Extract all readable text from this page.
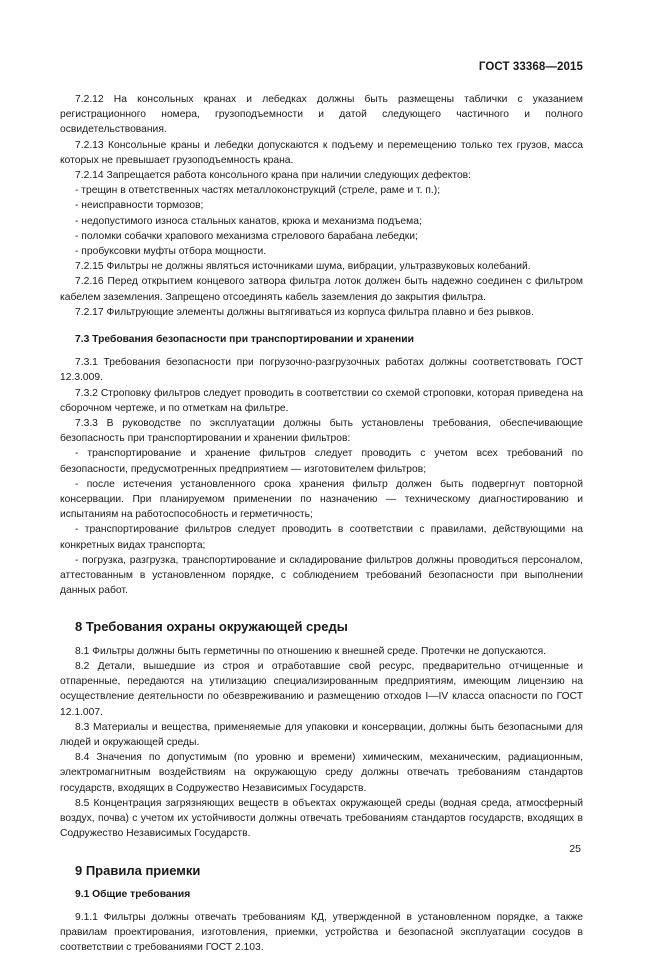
ГОСТ 33368—2015

7.2.12 На консольных кранах и лебедках должны быть размещены таблички с указанием регистрационного номера, грузоподъемности и датой следующего частичного и полного освидетельствования.

7.2.13 Консольные краны и лебедки допускаются к подъему и перемещению только тех грузов, масса которых не превышает грузоподъемность крана.

7.2.14 Запрещается работа консольного крана при наличии следующих дефектов:

- трещин в ответственных частях металлоконструкций (стреле, раме и т. п.);

- неисправности тормозов;

- недопустимого износа стальных канатов, крюка и механизма подъема;

- поломки собачки храпового механизма стрелового барабана лебедки;

- пробуксовки муфты отбора мощности.

7.2.15 Фильтры не должны являться источниками шума, вибрации, ультразвуковых колебаний.

7.2.16 Перед открытием концевого затвора фильтра лоток должен быть надежно соединен с фильтром кабелем заземления. Запрещено отсоединять кабель заземления до закрытия фильтра.

7.2.17 Фильтрующие элементы должны вытягиваться из корпуса фильтра плавно и без рывков.

7.3 Требования безопасности при транспортировании и хранении

7.3.1 Требования безопасности при погрузочно-разгрузочных работах должны соответствовать ГОСТ 12.3.009.

7.3.2 Строповку фильтров следует проводить в соответствии со схемой строповки, которая приведена на сборочном чертеже, и по отметкам на фильтре.

7.3.3 В руководстве по эксплуатации должны быть установлены требования, обеспечивающие безопасность при транспортировании и хранении фильтров:

- транспортирование и хранение фильтров следует проводить с учетом всех требований по безопасности, предусмотренных предприятием — изготовителем фильтров;

- после истечения установленного срока хранения фильтр должен быть подвергнут повторной консервации. При планируемом применении по назначению — техническому диагностированию и испытаниям на работоспособность и герметичность;

- транспортирование фильтров следует проводить в соответствии с правилами, действующими на конкретных видах транспорта;

- погрузка, разгрузка, транспортирование и складирование фильтров должны проводиться персоналом, аттестованным в установленном порядке, с соблюдением требований безопасности при выполнении данных работ.

8 Требования охраны окружающей среды

8.1 Фильтры должны быть герметичны по отношению к внешней среде. Протечки не допускаются.

8.2 Детали, вышедшие из строя и отработавшие свой ресурс, предварительно отчищенные и отпаренные, передаются на утилизацию специализированным предприятиям, имеющим лицензию на осуществление деятельности по обезвреживанию и размещению отходов I—IV класса опасности по ГОСТ 12.1.007.

8.3 Материалы и вещества, применяемые для упаковки и консервации, должны быть безопасными для людей и окружающей среды.

8.4 Значения по допустимым (по уровню и времени) химическим, механическим, радиационным, электромагнитным воздействиям на окружающую среду должны отвечать требованиям стандартов государств, входящих в Содружество Независимых Государств.

8.5 Концентрация загрязняющих веществ в объектах окружающей среды (водная среда, атмосферный воздух, почва) с учетом их устойчивости должны отвечать требованиям стандартов государств, входящих в Содружество Независимых Государств.

9 Правила приемки
9.1 Общие требования

9.1.1 Фильтры должны отвечать требованиям КД, утвержденной в установленном порядке, а также правилам проектирования, изготовления, приемки, устройства и безопасной эксплуатации сосудов в соответствии с требованиями ГОСТ 2.103.

25
